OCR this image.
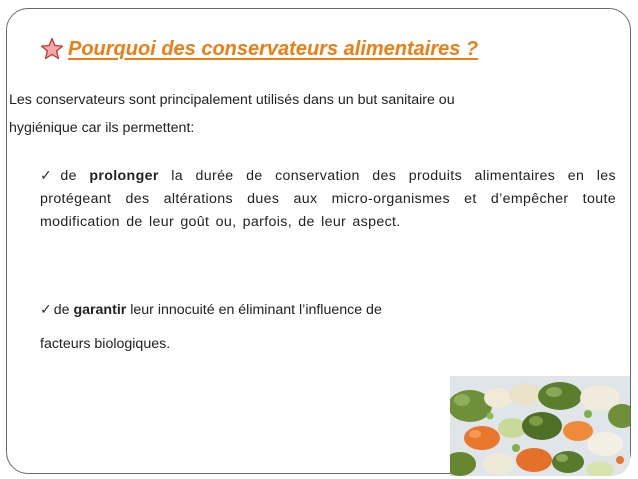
Pourquoi des conservateurs alimentaires ?
Les conservateurs sont principalement utilisés dans un but sanitaire ou
hygiénique car ils permettent:
✓ de prolonger la durée de conservation des produits alimentaires en les protégeant des altérations dues aux micro-organismes et d’empêcher toute modification de leur goût ou, parfois, de leur aspect.
✓ de garantir leur innocuité en éliminant l’influence de
facteurs biologiques.
